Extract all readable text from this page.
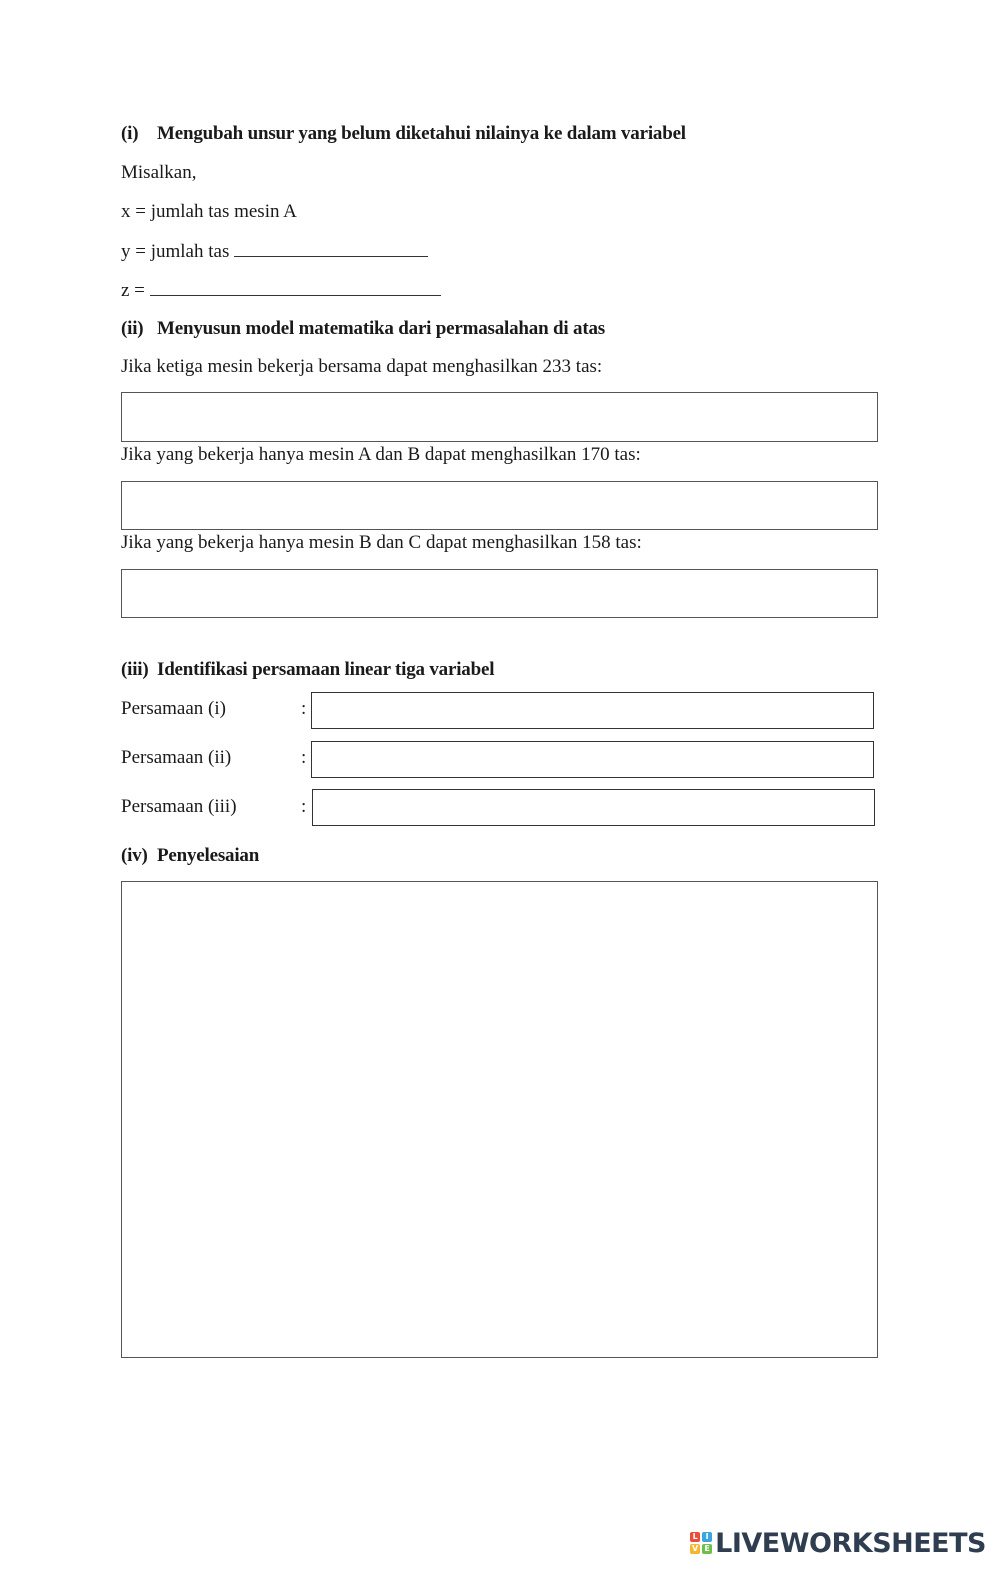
(i) Mengubah unsur yang belum diketahui nilainya ke dalam variabel
Misalkan,
x = jumlah tas mesin A
y = jumlah tas
z =
(ii) Menyusun model matematika dari permasalahan di atas
Jika ketiga mesin bekerja bersama dapat menghasilkan 233 tas:
Jika yang bekerja hanya mesin A dan B dapat menghasilkan 170 tas:
Jika yang bekerja hanya mesin B dan C dapat menghasilkan 158 tas:
(iii) Identifikasi persamaan linear tiga variabel
Persamaan (i)	:
Persamaan (ii)	:
Persamaan (iii)	:
(iv) Penyelesaian
L I
V E LIVEWORKSHEETS
